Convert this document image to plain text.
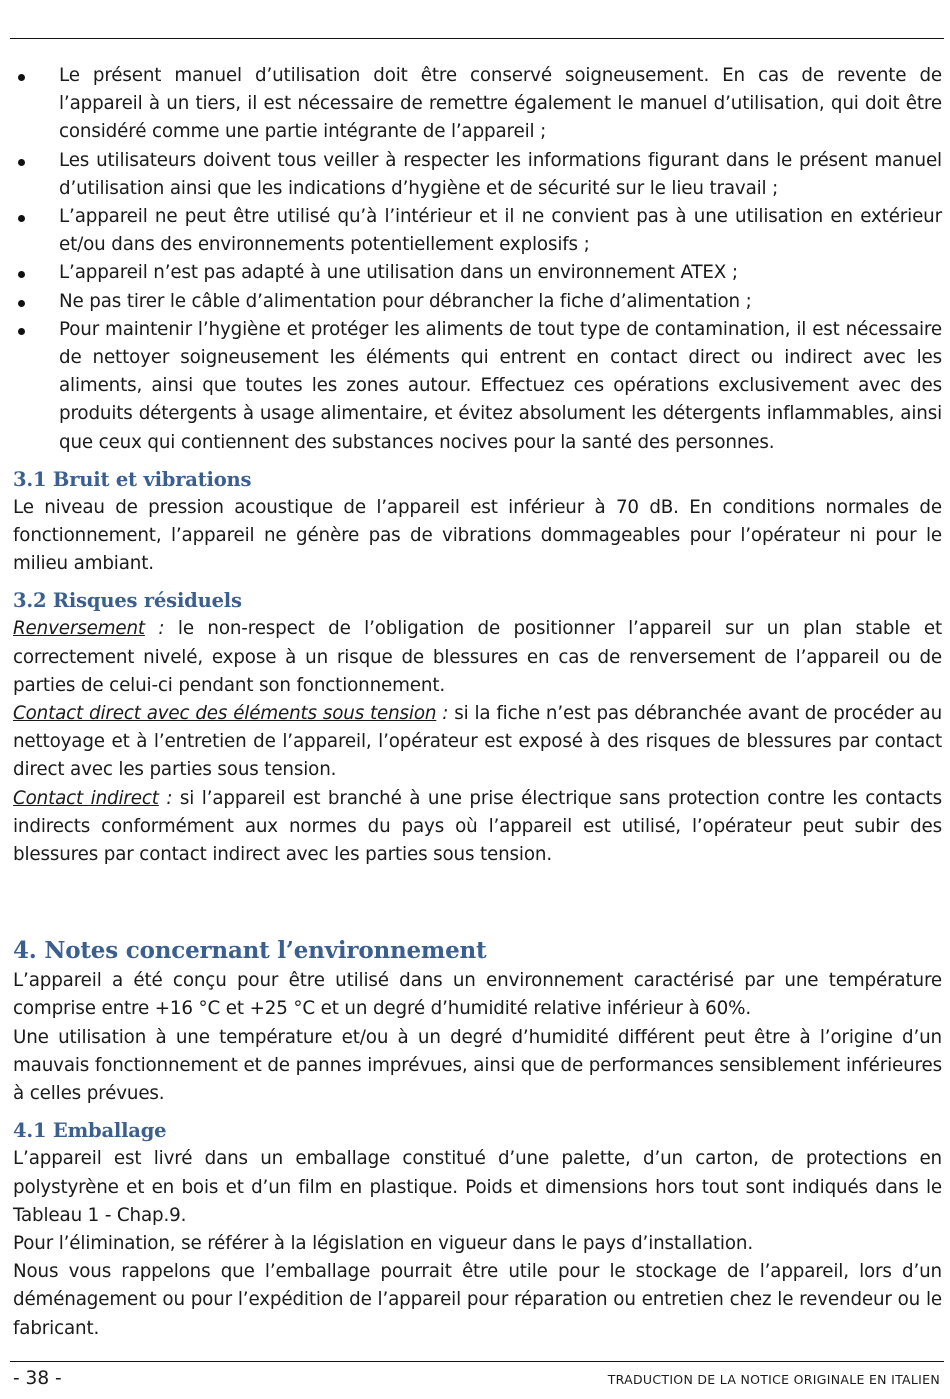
Le présent manuel d’utilisation doit être conservé soigneusement. En cas de revente de l’appareil à un tiers, il est nécessaire de remettre également le manuel d’utilisation, qui doit être considéré comme une partie intégrante de l’appareil ;
Les utilisateurs doivent tous veiller à respecter les informations figurant dans le présent manuel d’utilisation ainsi que les indications d’hygiène et de sécurité sur le lieu travail ;
L’appareil ne peut être utilisé qu’à l’intérieur et il ne convient pas à une utilisation en extérieur et/ou dans des environnements potentiellement explosifs ;
L’appareil n’est pas adapté à une utilisation dans un environnement ATEX ;
Ne pas tirer le câble d’alimentation pour débrancher la fiche d’alimentation ;
Pour maintenir l’hygiène et protéger les aliments de tout type de contamination, il est nécessaire de nettoyer soigneusement les éléments qui entrent en contact direct ou indirect avec les aliments, ainsi que toutes les zones autour. Effectuez ces opérations exclusivement avec des produits détergents à usage alimentaire, et évitez absolument les détergents inflammables, ainsi que ceux qui contiennent des substances nocives pour la santé des personnes.
3.1 Bruit et vibrations

Le niveau de pression acoustique de l’appareil est inférieur à 70 dB. En conditions normales de fonctionnement, l’appareil ne génère pas de vibrations dommageables pour l’opérateur ni pour le milieu ambiant.

3.2 Risques résiduels

Renversement : le non-respect de l’obligation de positionner l’appareil sur un plan stable et correctement nivelé, expose à un risque de blessures en cas de renversement de l’appareil ou de parties de celui-ci pendant son fonctionnement.

Contact direct avec des éléments sous tension : si la fiche n’est pas débranchée avant de procéder au nettoyage et à l’entretien de l’appareil, l’opérateur est exposé à des risques de blessures par contact direct avec les parties sous tension.

Contact indirect : si l’appareil est branché à une prise électrique sans protection contre les contacts indirects conformément aux normes du pays où l’appareil est utilisé, l’opérateur peut subir des blessures par contact indirect avec les parties sous tension.

4. Notes concernant l’environnement

L’appareil a été conçu pour être utilisé dans un environnement caractérisé par une température comprise entre +16 °C et +25 °C et un degré d’humidité relative inférieur à 60%.

Une utilisation à une température et/ou à un degré d’humidité différent peut être à l’origine d’un mauvais fonctionnement et de pannes imprévues, ainsi que de performances sensiblement inférieures à celles prévues.

4.1 Emballage

L’appareil est livré dans un emballage constitué d’une palette, d’un carton, de protections en polystyrène et en bois et d’un film en plastique. Poids et dimensions hors tout sont indiqués dans le Tableau 1 - Chap.9.

Pour l’élimination, se référer à la législation en vigueur dans le pays d’installation.

Nous vous rappelons que l’emballage pourrait être utile pour le stockage de l’appareil, lors d’un déménagement ou pour l’expédition de l’appareil pour réparation ou entretien chez le revendeur ou le fabricant.

- 38 -	TRADUCTION DE LA NOTICE ORIGINALE EN ITALIEN
